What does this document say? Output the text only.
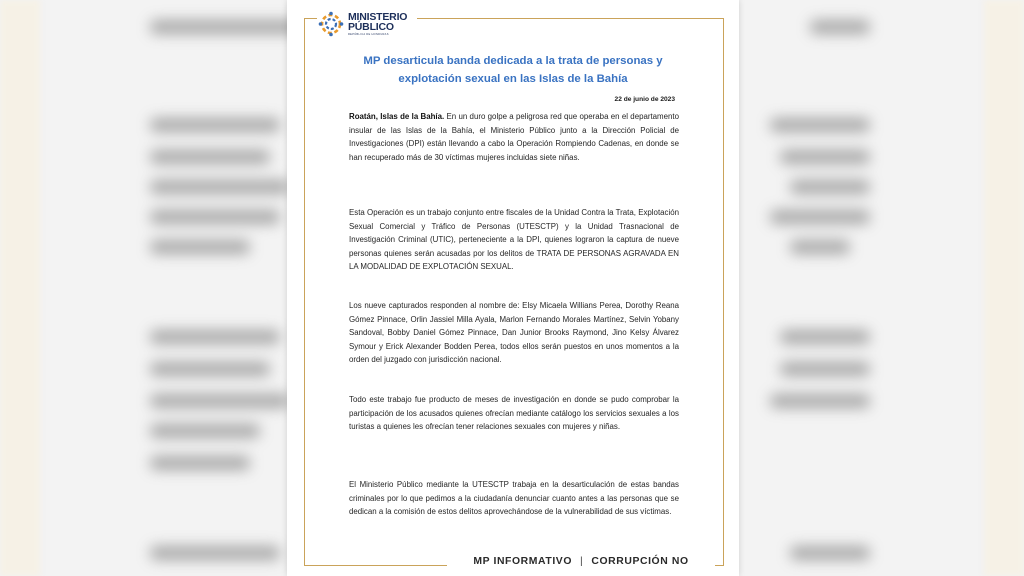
MINISTERIO
PÚBLICO
REPÚBLICA DE HONDURAS
MP desarticula banda dedicada a la trata de personas y explotación sexual en las Islas de la Bahía
22 de junio de 2023

Roatán, Islas de la Bahía. En un duro golpe a peligrosa red que operaba en el departamento insular de las Islas de la Bahía, el Ministerio Público junto a la Dirección Policial de Investigaciones (DPI) están llevando a cabo la Operación Rompiendo Cadenas, en donde se han recuperado más de 30 víctimas mujeres incluidas siete niñas.

Esta Operación es un trabajo conjunto entre fiscales de la Unidad Contra la Trata, Explotación Sexual Comercial y Tráfico de Personas (UTESCTP) y la Unidad Trasnacional de Investigación Criminal (UTIC), perteneciente a la DPI, quienes lograron la captura de nueve personas quienes serán acusadas por los delitos de TRATA DE PERSONAS AGRAVADA EN LA MODALIDAD DE EXPLOTACIÓN SEXUAL.

Los nueve capturados responden al nombre de: Elsy Micaela Willians Perea, Dorothy Reana Gómez Pinnace, Orlin Jassiel Milla Ayala, Marlon Fernando Morales Martínez, Selvin Yobany Sandoval, Bobby Daniel Gómez Pinnace, Dan Junior Brooks Raymond, Jino Kelsy Álvarez Symour y Erick Alexander Bodden Perea, todos ellos serán puestos en unos momentos a la orden del juzgado con jurisdicción nacional.

Todo este trabajo fue producto de meses de investigación en donde se pudo comprobar la participación de los acusados quienes ofrecían mediante catálogo los servicios sexuales a los turistas a quienes les ofrecían tener relaciones sexuales con mujeres y niñas.

El Ministerio Público mediante la UTESCTP trabaja en la desarticulación de estas bandas criminales por lo que pedimos a la ciudadanía denunciar cuanto antes a las personas que se dedican a la comisión de estos delitos aprovechándose de la vulnerabilidad de sus víctimas.

MP INFORMATIVO | CORRUPCIÓN NO
